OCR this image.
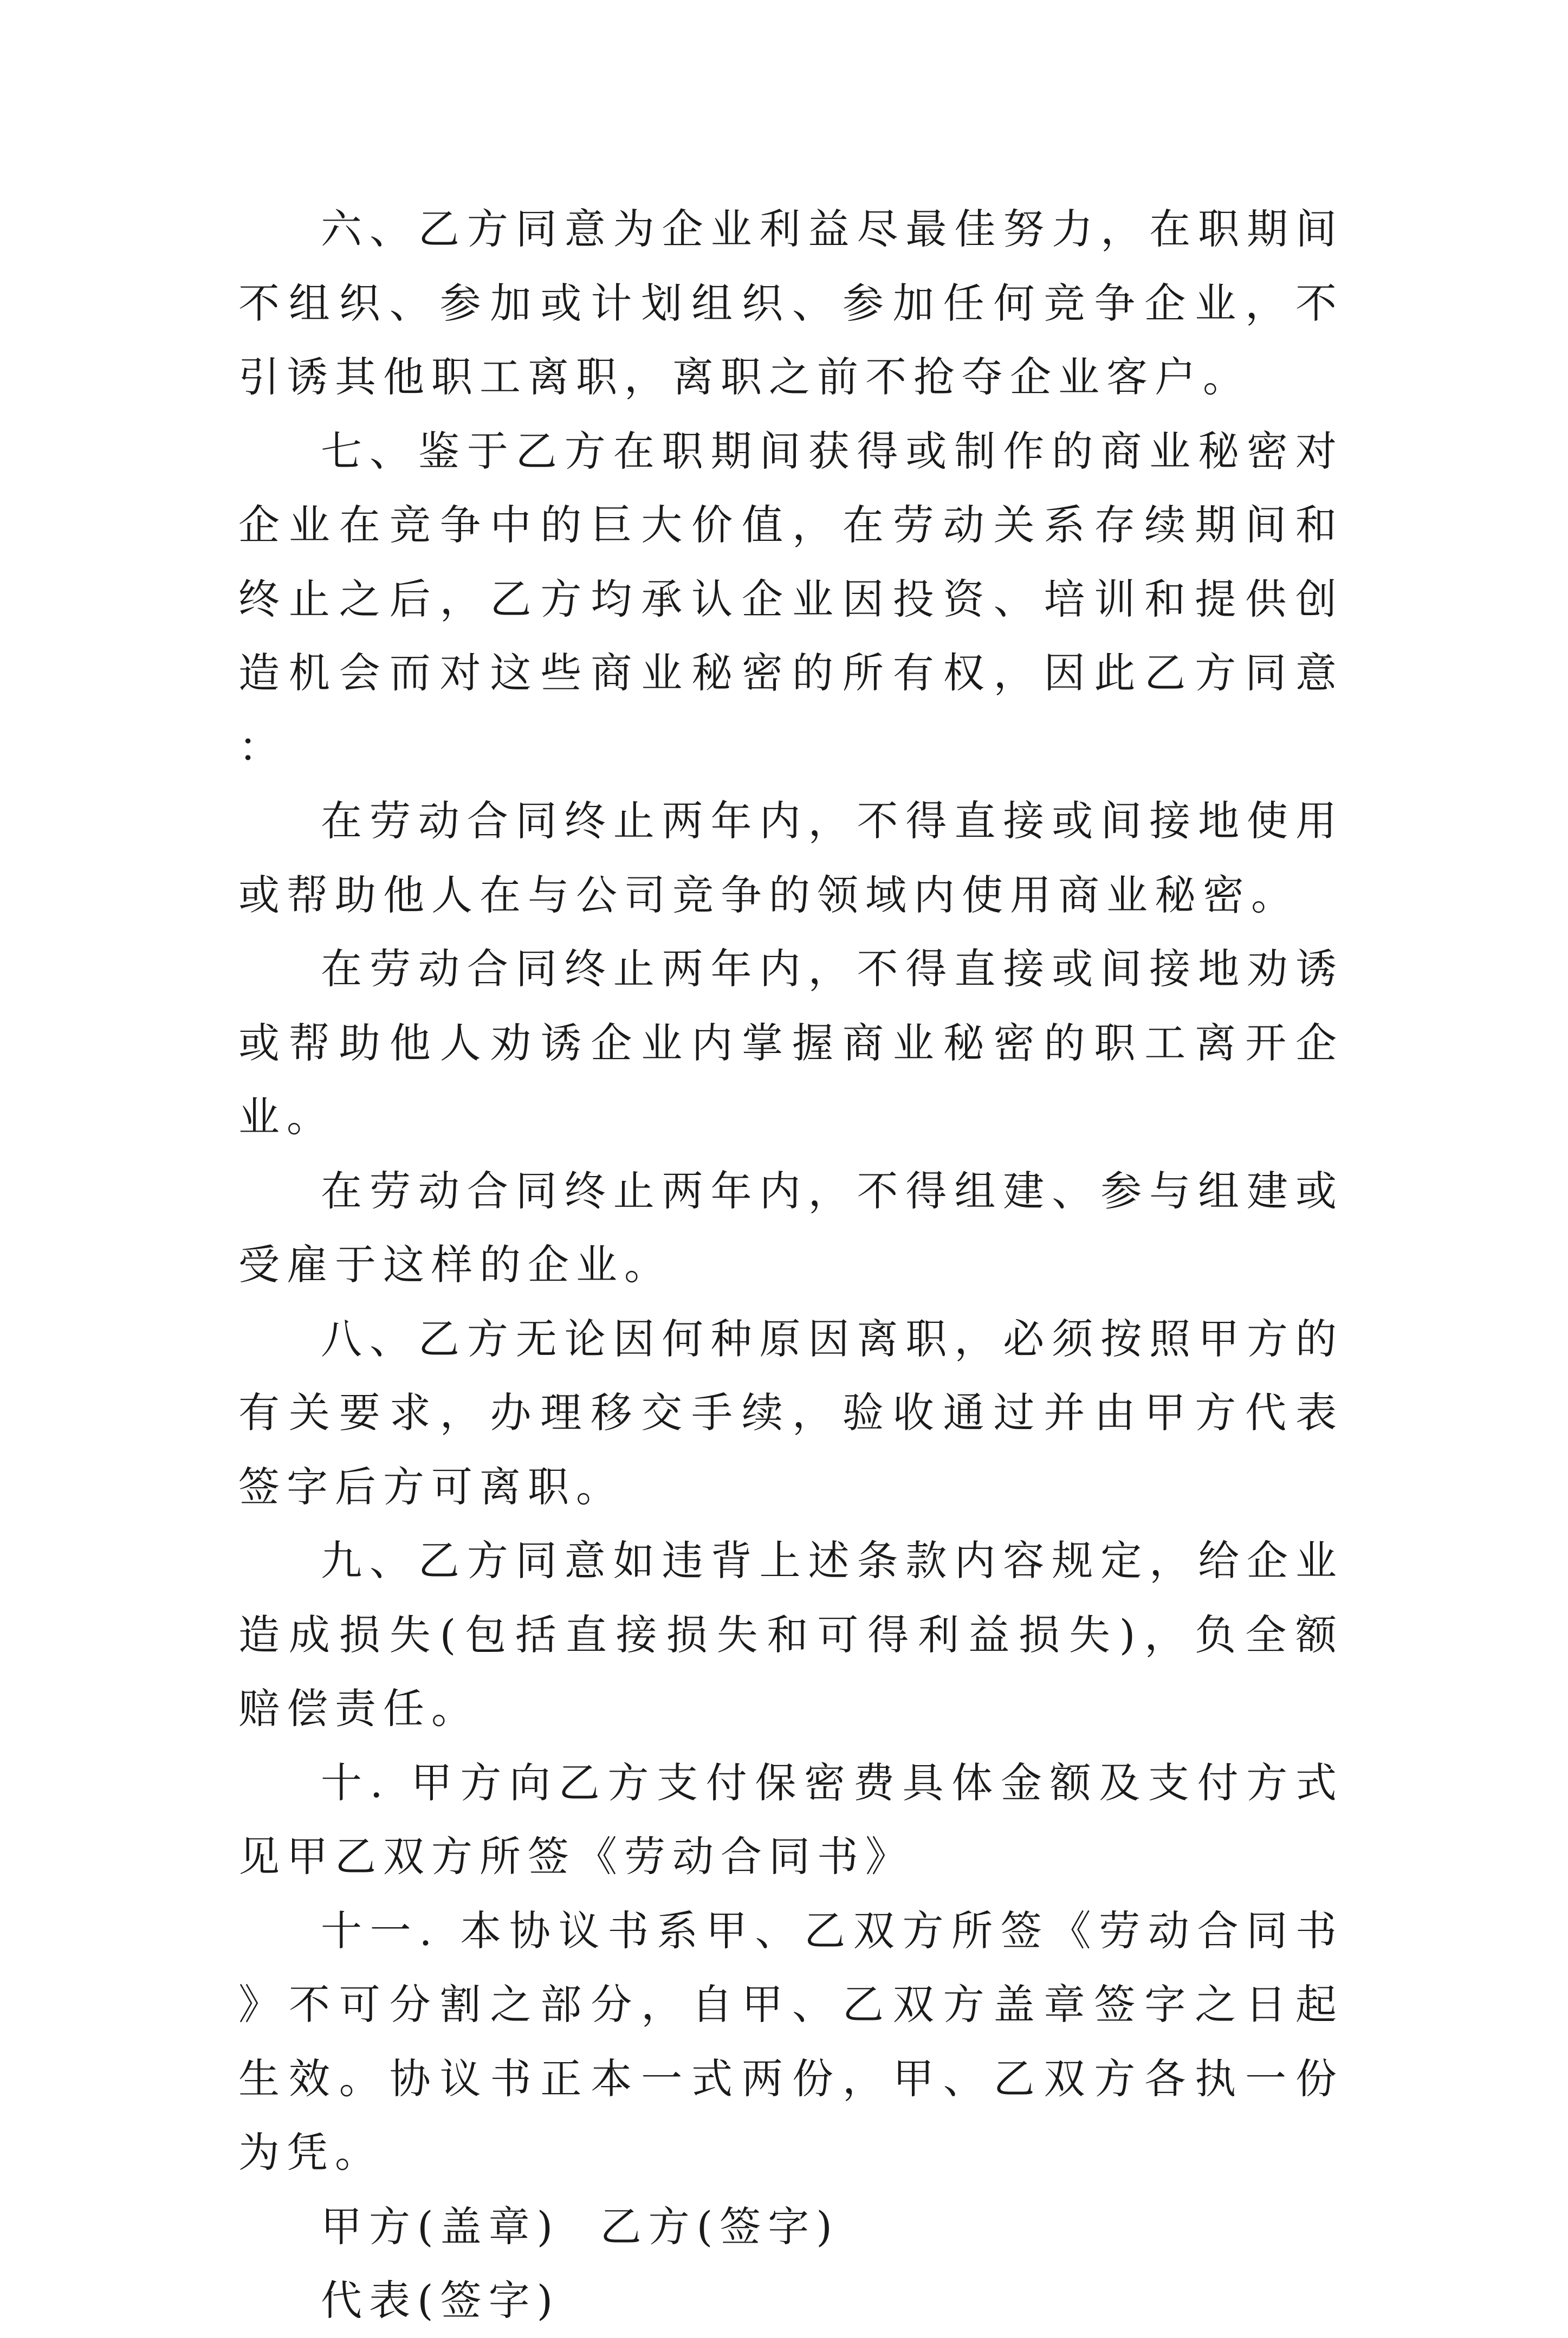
六、乙方同意为企业利益尽最佳努力，在职期间不组织、参加或计划组织、参加任何竞争企业，不引诱其他职工离职，离职之前不抢夺企业客户。

七、鉴于乙方在职期间获得或制作的商业秘密对企业在竞争中的巨大价值，在劳动关系存续期间和终止之后，乙方均承认企业因投资、培训和提供创造机会而对这些商业秘密的所有权，因此乙方同意：

在劳动合同终止两年内，不得直接或间接地使用或帮助他人在与公司竞争的领域内使用商业秘密。

在劳动合同终止两年内，不得直接或间接地劝诱或帮助他人劝诱企业内掌握商业秘密的职工离开企业。

在劳动合同终止两年内，不得组建、参与组建或受雇于这样的企业。

八、乙方无论因何种原因离职，必须按照甲方的有关要求，办理移交手续，验收通过并由甲方代表签字后方可离职。

九、乙方同意如违背上述条款内容规定，给企业造成损失(包括直接损失和可得利益损失)，负全额赔偿责任。

十. 甲方向乙方支付保密费具体金额及支付方式见甲乙双方所签《劳动合同书》

十一. 本协议书系甲、乙双方所签《劳动合同书》不可分割之部分，自甲、乙双方盖章签字之日起生效。协议书正本一式两份，甲、乙双方各执一份为凭。

甲方(盖章) 乙方(签字)

代表(签字)
